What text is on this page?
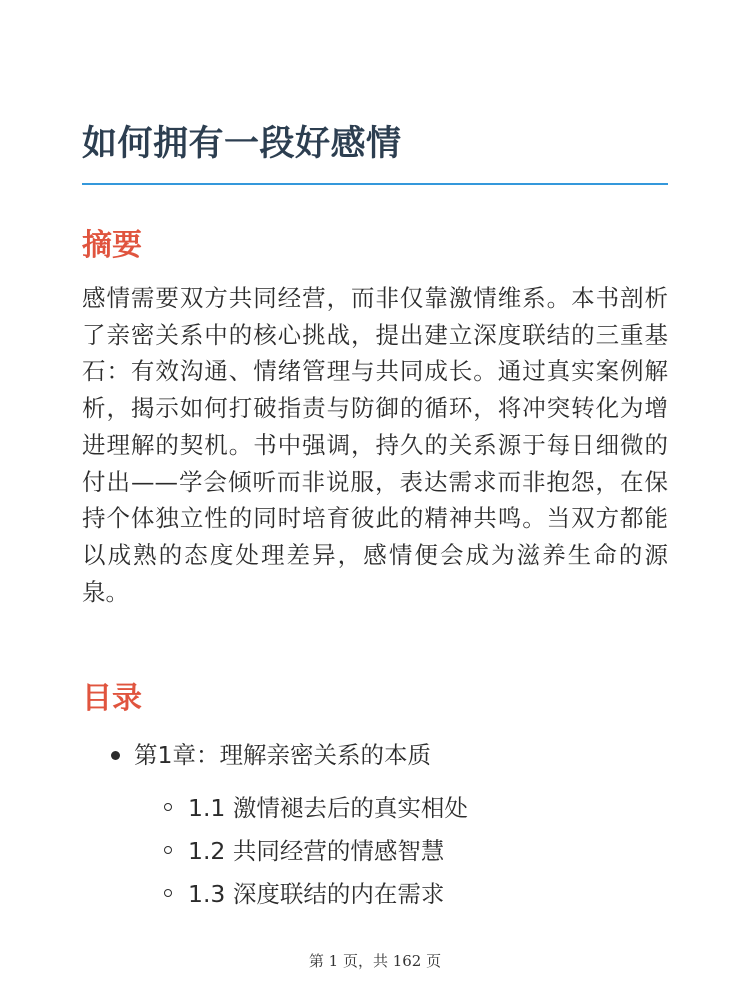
如何拥有一段好感情
摘要

感情需要双方共同经营，而非仅靠激情维系。本书剖析了亲密关系中的核心挑战，提出建立深度联结的三重基石：有效沟通、情绪管理与共同成长。通过真实案例解析，揭示如何打破指责与防御的循环，将冲突转化为增进理解的契机。书中强调，持久的关系源于每日细微的付出——学会倾听而非说服，表达需求而非抱怨，在保持个体独立性的同时培育彼此的精神共鸣。当双方都能以成熟的态度处理差异，感情便会成为滋养生命的源泉。

目录
第1章：理解亲密关系的本质
1.1 激情褪去后的真实相处
1.2 共同经营的情感智慧
1.3 深度联结的内在需求
第 1 页，共 162 页
